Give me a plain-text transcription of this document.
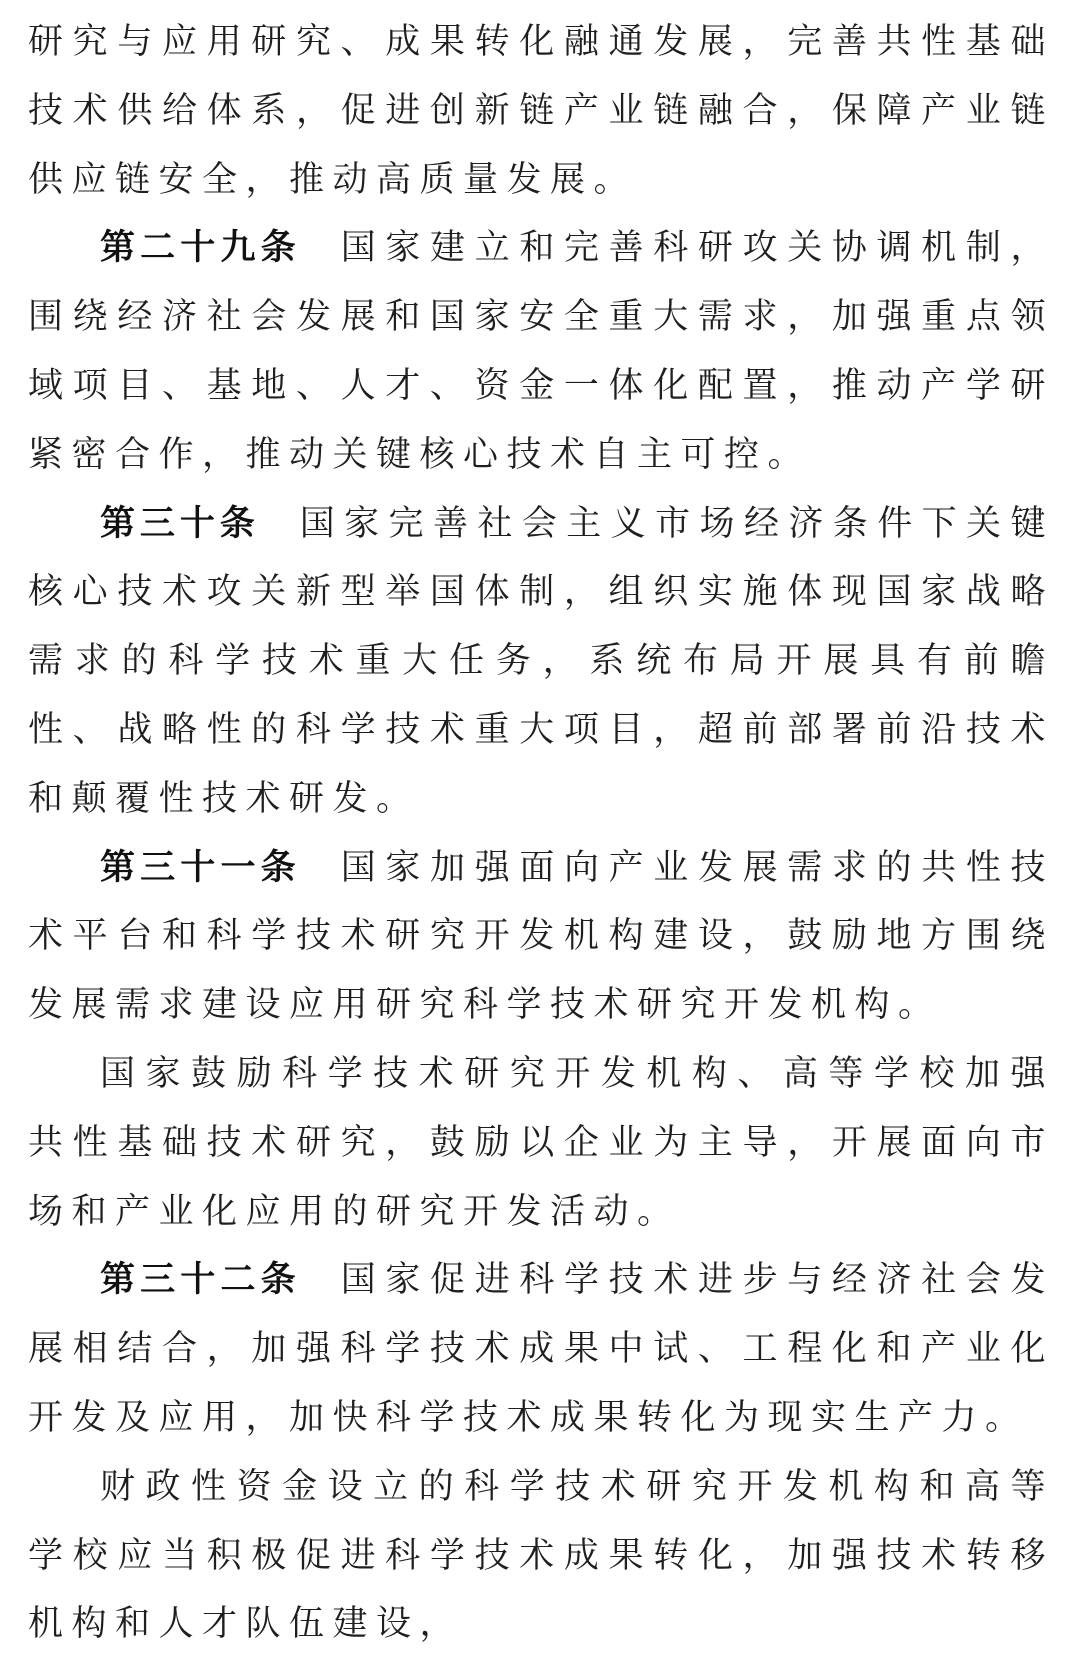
研究与应用研究、成果转化融通发展，完善共性基础技术供给体系，促进创新链产业链融合，保障产业链供应链安全，推动高质量发展。

第二十九条 国家建立和完善科研攻关协调机制，围绕经济社会发展和国家安全重大需求，加强重点领域项目、基地、人才、资金一体化配置，推动产学研紧密合作，推动关键核心技术自主可控。

第三十条 国家完善社会主义市场经济条件下关键核心技术攻关新型举国体制，组织实施体现国家战略需求的科学技术重大任务，系统布局开展具有前瞻性、战略性的科学技术重大项目，超前部署前沿技术和颠覆性技术研发。

第三十一条 国家加强面向产业发展需求的共性技术平台和科学技术研究开发机构建设，鼓励地方围绕发展需求建设应用研究科学技术研究开发机构。

国家鼓励科学技术研究开发机构、高等学校加强共性基础技术研究，鼓励以企业为主导，开展面向市场和产业化应用的研究开发活动。

第三十二条 国家促进科学技术进步与经济社会发展相结合，加强科学技术成果中试、工程化和产业化开发及应用，加快科学技术成果转化为现实生产力。

财政性资金设立的科学技术研究开发机构和高等学校应当积极促进科学技术成果转化，加强技术转移机构和人才队伍建设，
